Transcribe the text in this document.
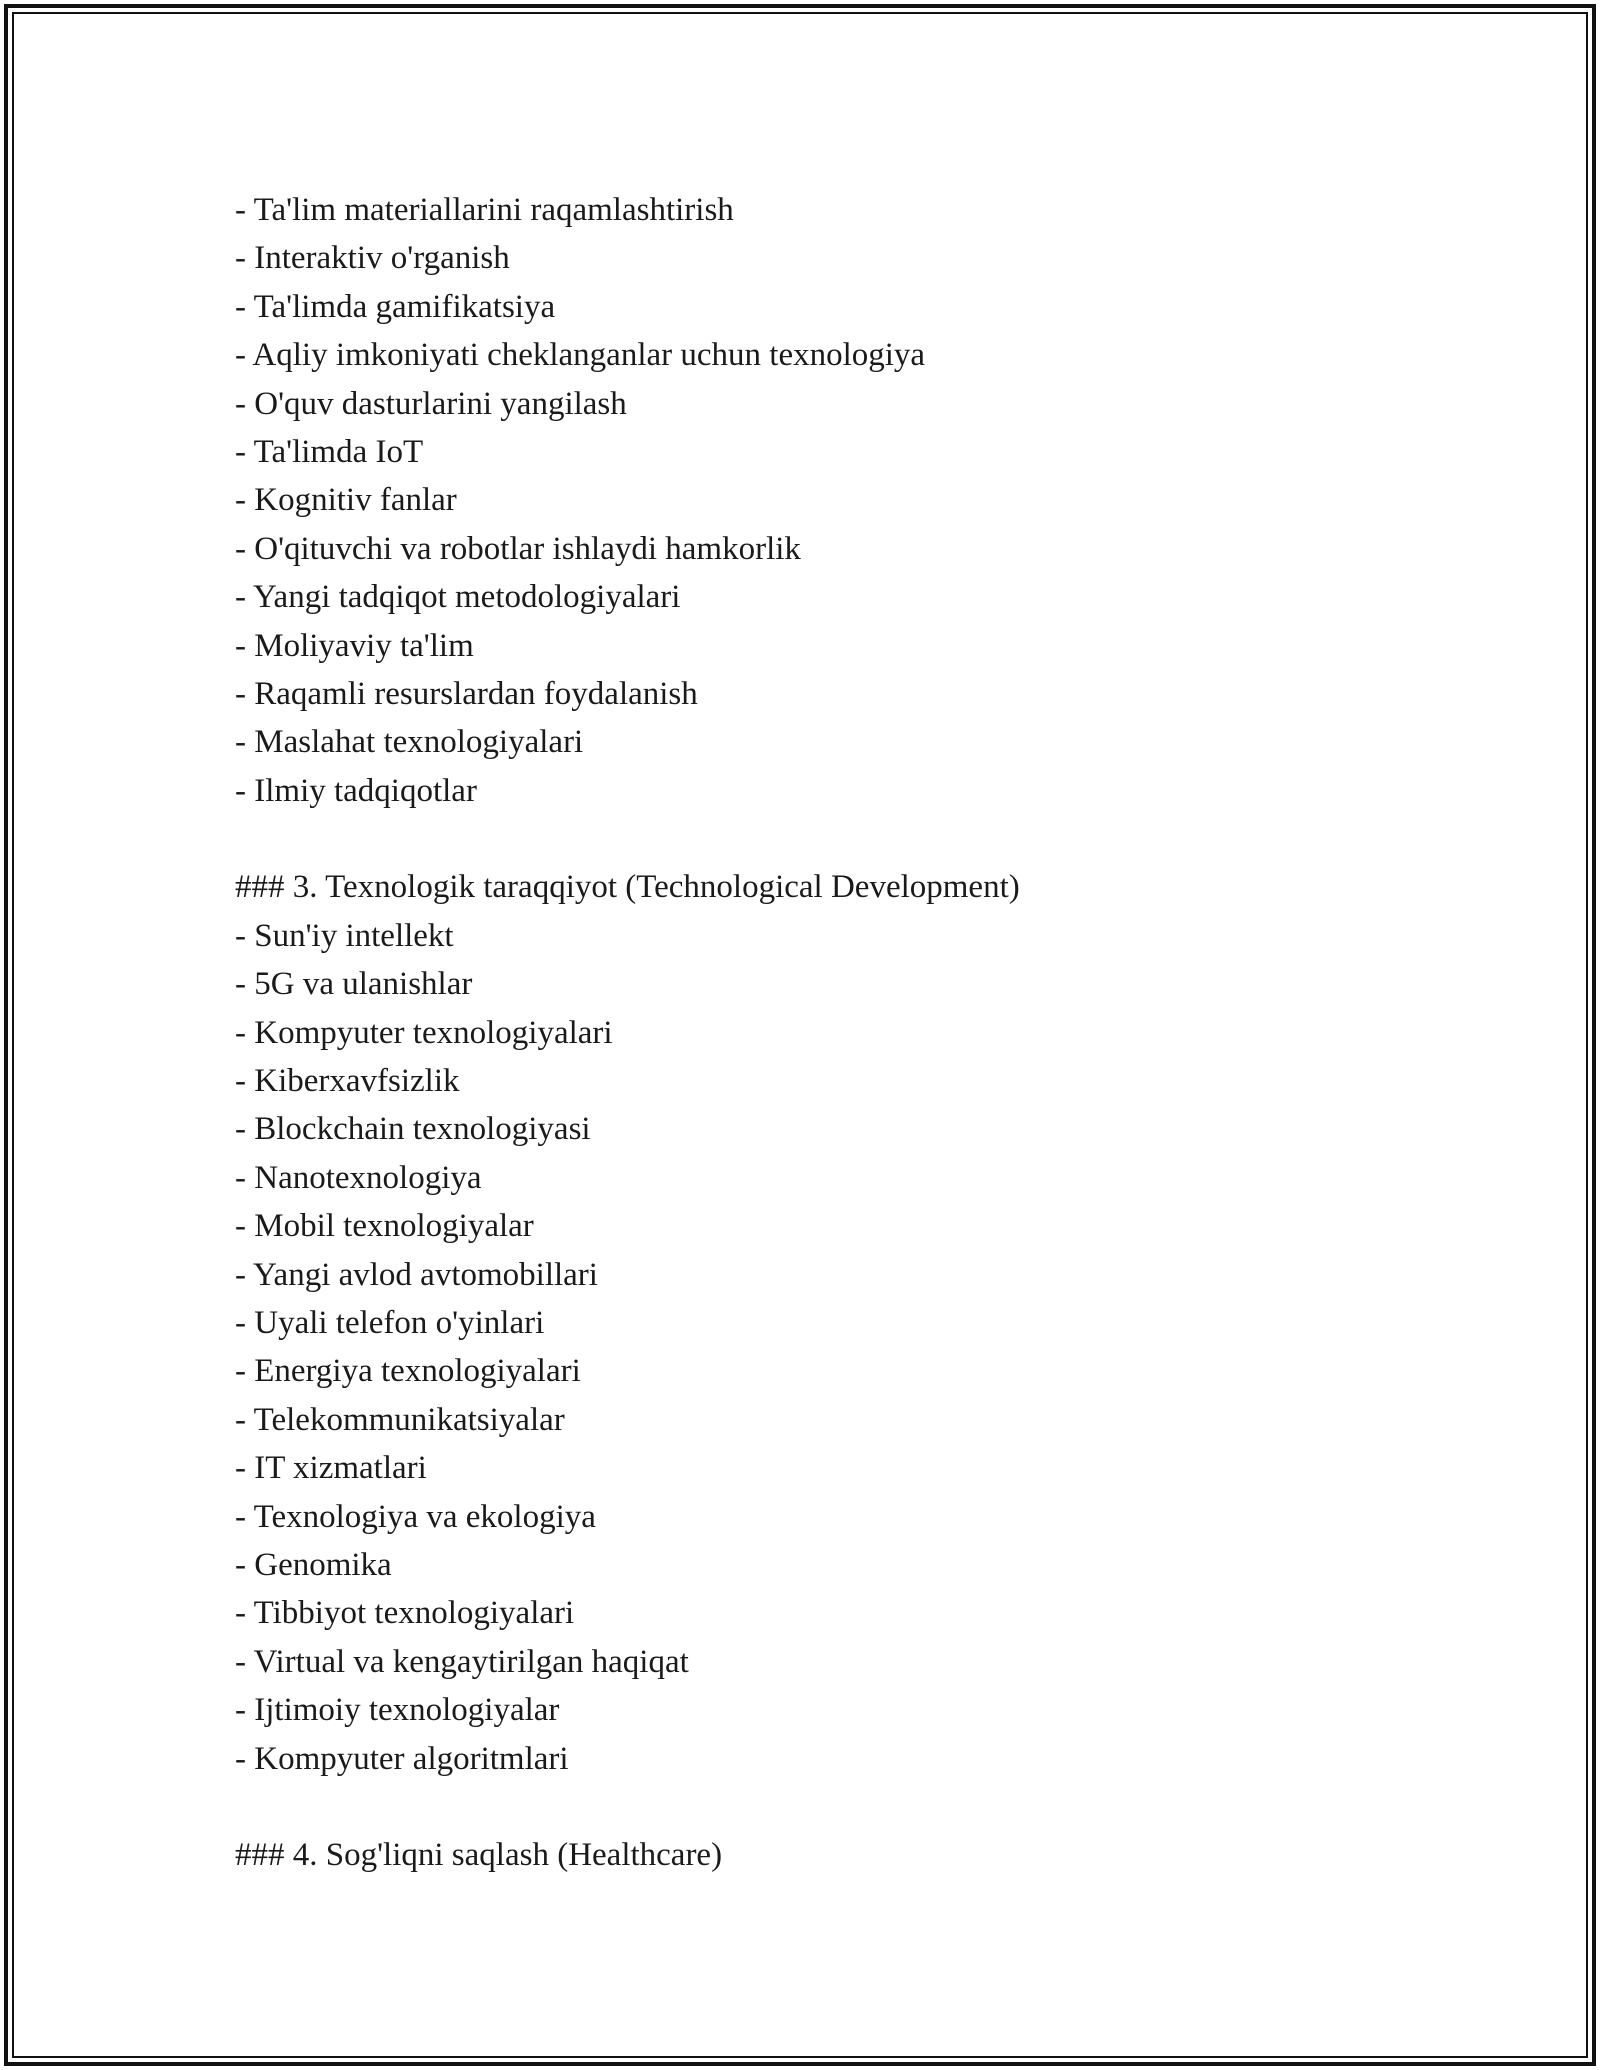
- Ta'lim materiallarini raqamlashtirish
- Interaktiv o'rganish
- Ta'limda gamifikatsiya
- Aqliy imkoniyati cheklanganlar uchun texnologiya
- O'quv dasturlarini yangilash
- Ta'limda IoT
- Kognitiv fanlar
- O'qituvchi va robotlar ishlaydi hamkorlik
- Yangi tadqiqot metodologiyalari
- Moliyaviy ta'lim
- Raqamli resurslardan foydalanish
- Maslahat texnologiyalari
- Ilmiy tadqiqotlar
### 3. Texnologik taraqqiyot (Technological Development)
- Sun'iy intellekt
- 5G va ulanishlar
- Kompyuter texnologiyalari
- Kiberxavfsizlik
- Blockchain texnologiyasi
- Nanotexnologiya
- Mobil texnologiyalar
- Yangi avlod avtomobillari
- Uyali telefon o'yinlari
- Energiya texnologiyalari
- Telekommunikatsiyalar
- IT xizmatlari
- Texnologiya va ekologiya
- Genomika
- Tibbiyot texnologiyalari
- Virtual va kengaytirilgan haqiqat
- Ijtimoiy texnologiyalar
- Kompyuter algoritmlari
### 4. Sog'liqni saqlash (Healthcare)
